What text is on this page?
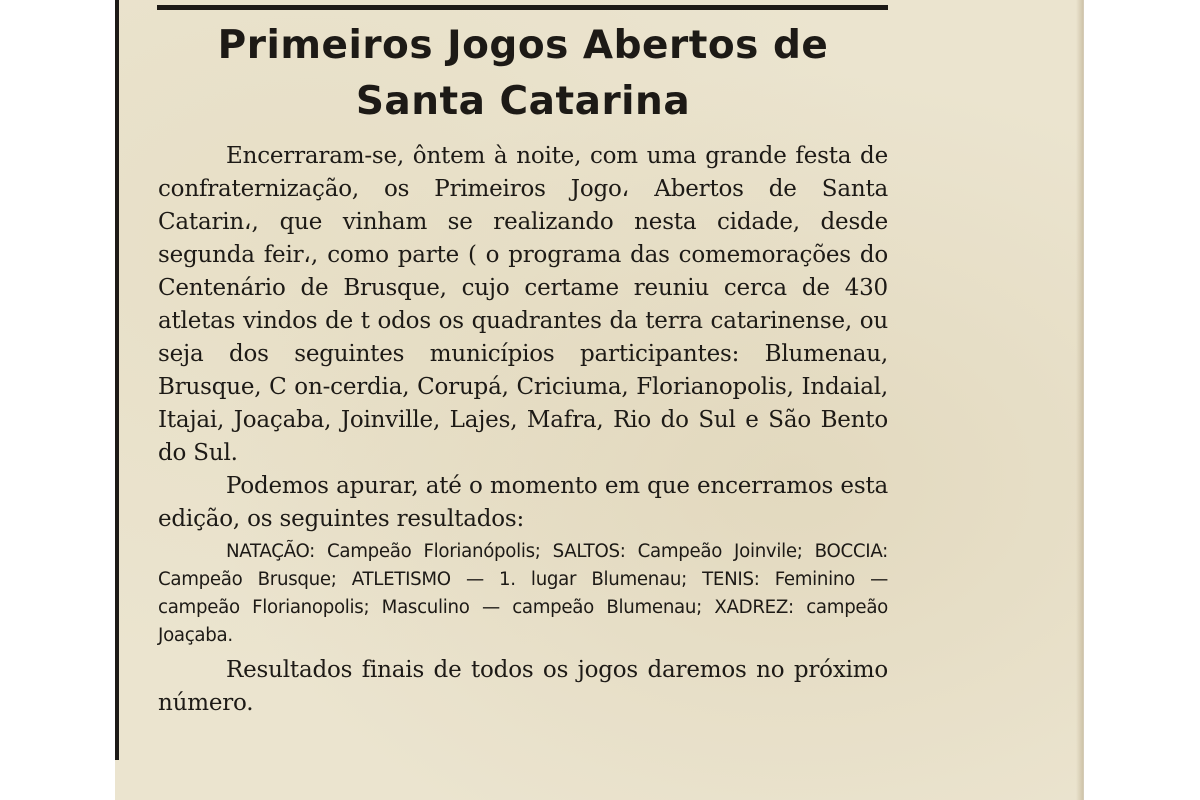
Primeiros Jogos Abertos de
Santa Catarina

Encerraram-se, ôntem à noite, com uma grande festa de confraternização, os Primeiros Jogo، Abertos de Santa Catarin،, que vinham se realizando nesta cidade, desde segunda feir،, como parte ( o programa das comemorações do Centenário de Brusque, cujo certame reuniu cerca de 430 atletas vindos de t odos os quadrantes da terra catarinense, ou seja dos seguintes municípios participantes: Blumenau, Brusque, C on-cerdia, Corupá, Criciuma, Florianopolis, Indaial, Itajai, Joaçaba, Joinville, Lajes, Mafra, Rio do Sul e São Bento do Sul.

Podemos apurar, até o momento em que encerramos esta edição, os seguintes resultados:

NATAÇÃO: Campeão Florianópolis; SALTOS: Campeão Joinvile; BOCCIA: Campeão Brusque; ATLETISMO — 1. lugar Blumenau; TENIS: Feminino — campeão Florianopolis; Masculino — campeão Blumenau; XADREZ: campeão Joaçaba.

Resultados finais de todos os jogos daremos no próximo número.
